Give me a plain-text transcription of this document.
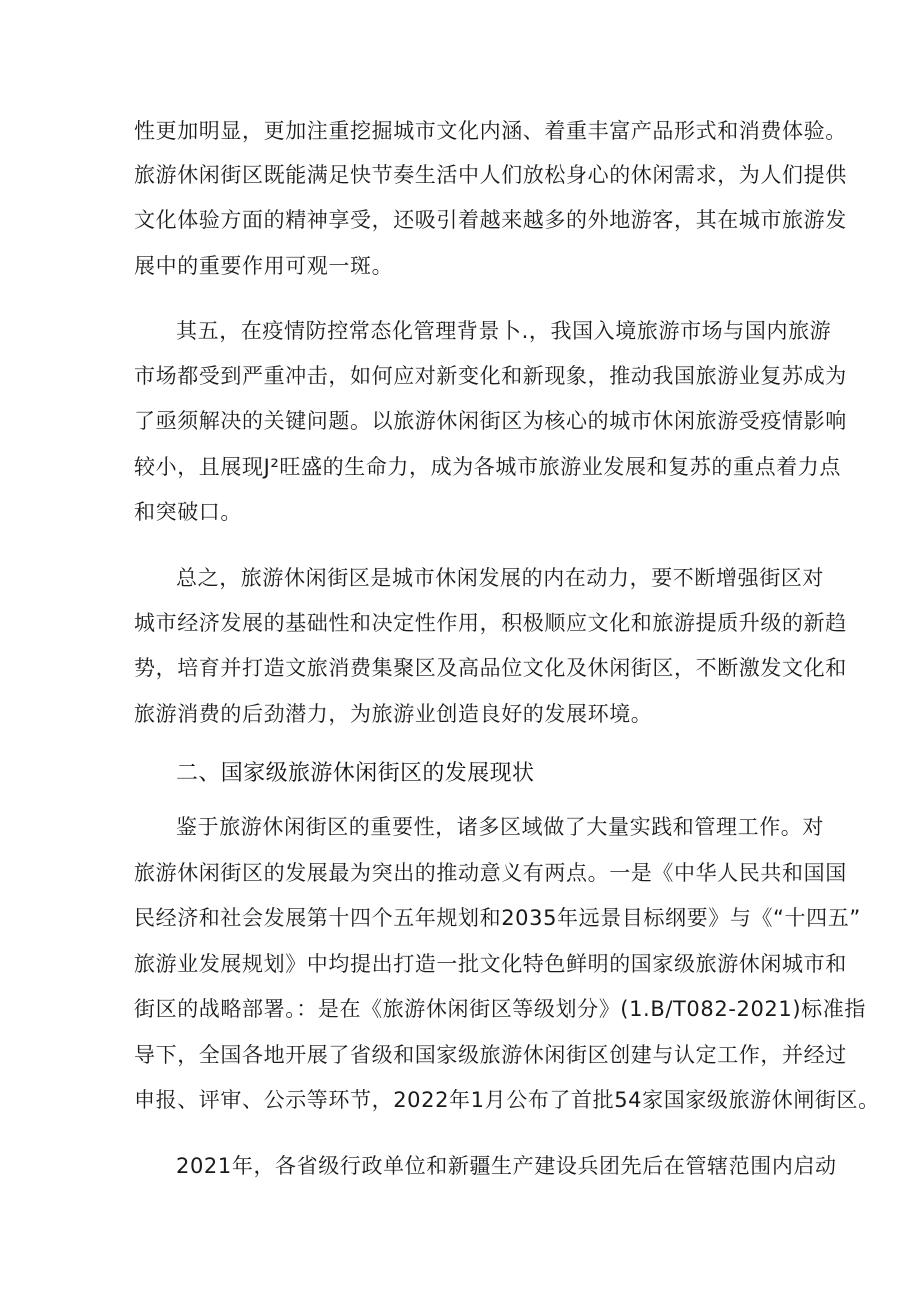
性更加明显，更加注重挖掘城市文化内涵、着重丰富产品形式和消费体验。
旅游休闲街区既能满足快节奏生活中人们放松身心的休闲需求，为人们提供
文化体验方面的精神享受，还吸引着越来越多的外地游客，其在城市旅游发
展中的重要作用可观一斑。
其五，在疫情防控常态化管理背景卜.，我国入境旅游市场与国内旅游
市场都受到严重冲击，如何应对新变化和新现象，推动我国旅游业复苏成为
了亟须解决的关键问题。以旅游休闲街区为核心的城市休闲旅游受疫情影响
较小，且展现J²旺盛的生命力，成为各城市旅游业发展和复苏的重点着力点
和突破口。
总之，旅游休闲街区是城市休闲发展的内在动力，要不断增强街区对
城市经济发展的基础性和决定性作用，积极顺应文化和旅游提质升级的新趋
势，培育并打造文旅消费集聚区及高品位文化及休闲街区，不断激发文化和
旅游消费的后劲潜力，为旅游业创造良好的发展环境。
二、国家级旅游休闲街区的发展现状
鉴于旅游休闲街区的重要性，诸多区域做了大量实践和管理工作。对
旅游休闲街区的发展最为突出的推动意义有两点。一是《中华人民共和国国
民经济和社会发展第十四个五年规划和2035年远景目标纲要》与《“十四五”
旅游业发展规划》中均提出打造一批文化特色鲜明的国家级旅游休闲城市和
街区的战略部署。：是在《旅游休闲街区等级划分》(1.B/T082-2021)标准指
导下，全国各地开展了省级和国家级旅游休闲街区创建与认定工作，并经过
申报、评审、公示等环节，2022年1月公布了首批54家国家级旅游休闸街区。
2021年，各省级行政单位和新疆生产建设兵团先后在管辖范围内启动
